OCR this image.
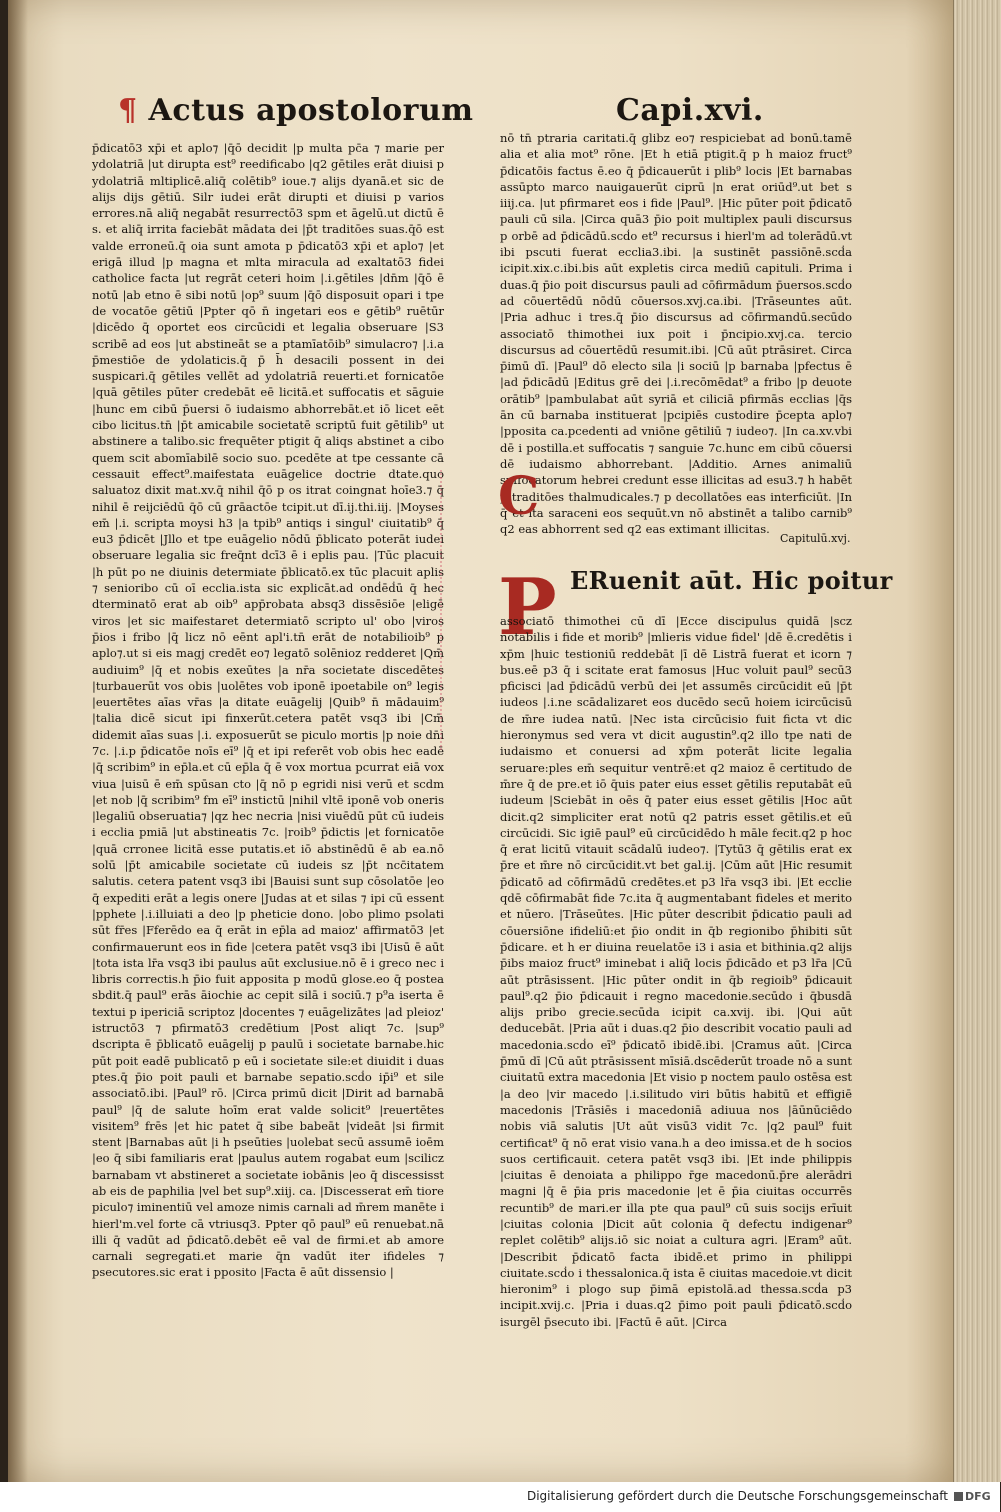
¶ Actus apostolorum	Capi.xvi.
p̄dicatō3 xp̄i et aplo⁊ |q̄ō decidit |p multa pc̄a ⁊ marie per ydolatriā |ut dirupta est⁹ reedificabo |q2 gētiles erāt diuisi p ydolatriā mltiplicē.aliq̄ colētib⁹ ioue.⁊ alijs dyanā.et sic de alijs dijs gētiū. Silr iudei erāt dirupti et diuisi p varios errores.nā aliq̄ negabāt resurrectō3 spm et āgelū.ut dictū ē s. et aliq̄ irrita faciebāt mādata dei |p̄t traditōes suas.q̄ō est valde erroneū.q̄ oia sunt amota p p̄dicatō3 xp̄i et aplo⁊ |et erigā illud |p magna et mlta miracula ad exaltatō3 fidei catholice facta |ut regrāt ceteri hoim |.i.gētiles |dn̄m |q̄ō ē notū |ab etno ē sibi notū |op⁹ suum |q̄ō disposuit opari i tpe de vocatōe gētiū |Ppter qō n̄ ingetari eos e gētib⁹ ruētūr |dicēdo q̄ oportet eos circūcidi et legalia obseruare |S3 scribē ad eos |ut abstineāt se a ptamīatōib⁹ simulacro⁊ |.i.a p̄mestiōe de ydolaticis.q̄ p̄ h̄ desacili possent in dei suspicari.q̄ gētiles vellēt ad ydolatriā reuerti.et fornicatōe |quā gētiles pūter credebāt eē licitā.et suffocatis et sāguie |hunc em cibū p̄uersi ō iudaismo abhorrebāt.et iō licet eēt cibo licitus.tn̄ |p̄t amicabile societatē scriptū fuit gētilib⁹ ut abstinere a talibo.sic frequēter ptigit q̄ aliqs abstinet a cibo quem scit abomīabilē socio suo. pcedēte at tpe cessante cā cessauit effect⁹.maifestata euāgelice doctrie dtate.quo saluatoz dixit mat.xv.q̄ nihil q̄ō p os itrat coingnat hoīe3.⁊ q̄ nihil ē reijciēdū q̄ō cū grāactōe tcipit.ut dī.ij.thi.iij. |Moyses em̄ |.i. scripta moysi h3 |a tpib⁹ antiqs i singul' ciuitatib⁹ q̄ eu3 p̄dicēt |Jllo et tpe euāgelio nōdū p̄blicato poterāt iudei obseruare legalia sic freq̄nt dcī3 ē i eplis pau. |Tūc placuit |h pūt po ne diuinis determiate p̄blicatō.ex tūc placuit aplis ⁊ senioribo cū oī ecclia.ista sic explicāt.ad onḋēḋū q̄ hec dterminatō erat ab oib⁹ app̄robata absq3 dissēsiōe |eligē viros |et sic maifestaret determiatō scripto ul' obo |viros p̄ios i fribo |q̄ licz nō eēnt apl'i.tn̄ erāt de notabilioib⁹ p aplo⁊.ut si eis magj credēt eo⁊ legatō solēnioz redderet |Qm̄ audiuim⁹ |q̄ et nobis exeūtes |a nr̄a societate discedētes |turbauerūt vos obis |uolētes vob iponē ipoetabile on⁹ legis |euertētes aīas vr̄as |a ditate euāgelij |Quib⁹ n̄ mādauim⁹ |talia dicē sicut ipi finxerūt.cetera patēt vsq3 ibi |Cm̄ didemit aīas suas |.i. exposuerūt se piculo mortis |p noie dn̄i 7c. |.i.p p̄dicatōe noīs eī⁹ |q̄ et ipi referēt vob obis hec eadē |q̄ scribim⁹ in ep̄la.et cū ep̄la q̄ ē vox mortua pcurrat eiā vox viua |uisū ē em̄ spūsan cto |q̄ nō p egridi nisi verū et scdm |et nob |q̄ scribim⁹ fm eī⁹ instictū |nihil vltē iponē vob oneris |legaliū obseruatia⁊ |qz hec necria |nisi viuēdū pūt cū iudeis i ecclia pmiā |ut abstineatis 7c. |roib⁹ p̄dictis |et fornicatōe |quā crronee licitā esse putatis.et iō abstinēdū ē ab ea.nō solū |p̄t amicabile societate cū iudeis sz |p̄t ncc̄itatem salutis. cetera patent vsq3 ibi |Bauisi sunt sup cōsolatōe |eo q̄ expediti erāt a legis onere |Judas at et silas ⁊ ipi cū essent |pphete |.i.illuiati a deo |p pheticie dono. |obo plimo psolati sūt fr̄es |Fferēdo ea q̄ erāt in ep̄la ad maioz' affirmatō3 |et confirmauerunt eos in fide |cetera patēt vsq3 ibi |Uisū ē aūt |tota ista lr̄a vsq3 ibi paulus aūt exclusiue.nō ē i greco nec i libris correctis.h p̄io fuit apposita p modū glose.eo q̄ postea sbdit.q̄ paul⁹ erās āiochie ac cepit silā i sociū.⁊ p⁹a iserta ē textui p ipericiā scriptoz |docentes ⁊ euāgelizātes |ad pleioz' istructō3 ⁊ pfirmatō3 credētium |Post aliqt 7c. |sup⁹ dscripta ē p̄blicatō euāgelij p paulū i societate barnabe.hic pūt poit eadē publicatō p eū i societate sile:et diuidit i duas ptes.q̄ p̄io poit pauli et barnabe sepatio.scḋo ip̄i⁹ et sile associatō.ibi. |Paul⁹ rō. |Circa primū dicit |Dirit ad barnabā paul⁹ |q̄ de salute hoīm erat valde solicit⁹ |reuertētes visitem⁹ frēs |et hic patet q̄ sibe babeāt |videāt |si firmit stent |Barnabas aūt |i h pseūties |uolebat secū assumē ioēm |eo q̄ sibi familiaris erat |paulus autem rogabat eum |scilicz barnabam vt abstineret a societate iobānis |eo q̄ discessisst ab eis de paphilia |vel bet sup⁹.xiij. ca. |Discesserat em̄ tiore piculo⁊ iminentiū vel amoze nimis carnali ad m̄rem manēte i hierl'm.vel forte cā vtriusq3. Ppter qō paul⁹ eū renuebat.nā illi q̄ vadūt ad p̄dicatō.debēt eē val de firmi.et ab amore carnali segregati.et marie q̄n vadūt iter ifideles ⁊ psecutores.sic erat i pposito |Facta ē aūt dissensio |
nō tn̄ ptraria caritati.q̄ glibz eo⁊ respiciebat ad bonū.tamē alia et alia mot⁹ rōne. |Et h etiā ptigit.q̄ p h maioz fruct⁹ p̄dicatōis factus ē.eo q̄ p̄dicauerūt i plib⁹ locis |Et barnabas assūpto marco nauigauerūt ciprū |n erat oriūd⁹.ut bet s iiij.ca. |ut pfirmaret eos i fide |Paul⁹. |Hic pūter poit p̄dicatō pauli cū sila. |Circa quā3 p̄io poit multiplex pauli discursus p orbē ad p̄dicādū.scḋo et⁹ recursus i hierl'm ad tolerādū.vt ibi pscuti fuerat ecclia3.ibi. |a sustinēt passiōnē.scḋa icipit.xix.c.ibi.bis aūt expletis circa mediū capituli. Prima i duas.q̄ p̄io poit discursus pauli ad cōfirmādum p̄uersos.scḋo ad cōuertēdū nōdū cōuersos.xvj.ca.ibi. |Trāseuntes aūt. |Pria adhuc i tres.q̄ p̄io discursus ad cōfirmandū.secūdo associatō thimothei iux poit i p̄ncipio.xvj.ca. tercio discursus ad cōuertēdū resumit.ibi. |Cū aūt ptrāsiret. Circa p̄imū dī. |Paul⁹ dō electo sila |i sociū |p barnaba |pfectus ē |ad p̄dicādū |Editus grē dei |.i.recōmēdat⁹ a fribo |p deuote orātib⁹ |pambulabat aūt syriā et ciliciā pfirmās ecclias |q̄s ān cū barnaba instituerat |pcipiēs custodire p̄cepta aplo⁊ |pposita ca.pcedenti ad vniōne gētiliū ⁊ iudeo⁊. |In ca.xv.vbi dē i postilla.et suffocatis ⁊ sanguie 7c.hunc em cibū cōuersi dē iudaismo abhorrebant. |Additio. Arnes animaliū suffocatorum hebrei credunt esse illicitas ad esu3.⁊ h habēt p traditōes thalmudicales.⁊ p decollatōes eas interficiūt. |In q̄ et ita saraceni eos sequūt.vn nō abstinēt a talibo carnib⁹ q2 eas abhorrent sed q2 eas extimant illicitas.
C
Capitulū.xvj.
P ERuenit aūt. Hic poitur
associatō thimothei cū dī |Ecce discipulus quidā |scz notabilis i fide et morib⁹ |mlieris vidue fidel' |dē ē.credētis i xp̄m |huic testioniū reddebāt |ī dē Listrā fuerat et icorn ⁊ bus.eē p3 q̄ i scitate erat famosus |Huc voluit paul⁹ secū3 pficisci |ad p̄dicādū verbū dei |et assumēs circūcidit eū |p̄t iudeos |.i.ne scādalizaret eos ducēdo secū hoiem icircūcisū de m̄re iudea natū. |Nec ista circūcisio fuit ficta vt dic hieronymus sed vera vt dicit augustin⁹.q2 illo tpe nati de iudaismo et conuersi ad xp̄m poterāt licite legalia seruare:ples em̄ sequitur ventrē:et q2 maioz ē certitudo de m̄re q̄ de pre.et iō q̄uis pater eius esset gētilis reputabāt eū iudeum |Sciebāt in oēs q̄ pater eius esset gētilis |Hoc aūt dicit.q2 simpliciter erat notū q2 patris esset gētilis.et eū circūcidi. Sic igiē paul⁹ eū circūcidēdo h māle fecit.q2 p hoc q̄ erat licitū vitauit scādalū iudeo⁊. |Tytū3 q̄ gētilis erat ex p̄re et m̄re nō circūcidit.vt bet gal.ij. |Cūm aūt |Hic resumit p̄dicatō ad cōfirmādū credētes.et p3 lr̄a vsq3 ibi. |Et ecclie qdē cōfirmabāt fide 7c.ita q̄ augmentabant fideles et merito et nūero. |Trāseūtes. |Hic pūter describit p̄dicatio pauli ad cōuersiōne ifideliū:et p̄io ondit in q̄b regionibo p̄hibiti sūt p̄dicare. et h er diuina reuelatōe i3 i asia et bithinia.q2 alijs p̄ibs maioz fruct⁹ iminebat i aliq̄ locis p̄dicādo et p3 lr̄a |Cū aūt ptrāsissent. |Hic pūter ondit in q̄b regioib⁹ p̄dicauit paul⁹.q2 p̄io p̄dicauit i regno macedonie.secūdo i q̄busdā alijs pribo grecie.secūda icipit ca.xvij. ibi. |Qui aūt deducebāt. |Pria aūt i duas.q2 p̄io describit vocatio pauli ad macedonia.scḋo eī⁹ p̄dicatō ibidē.ibi. |Cramus aūt. |Circa p̄mū dī |Cū aūt ptrāsissent mīsiā.dscēderūt troade nō a sunt ciuitatū extra macedonia |Et visio p noctem paulo ostēsa est |a deo |vir macedo |.i.silitudo viri būtis habitū et effigiē macedonis |Trāsiēs i macedoniā adiuua nos |āūnūciēdo nobis viā salutis |Ut aūt visū3 vidit 7c. |q2 paul⁹ fuit certificat⁹ q̄ nō erat visio vana.h a deo imissa.et de h socios suos certificauit. cetera patēt vsq3 ibi. |Et inde philippis |ciuitas ē denoiata a philippo r̄ge macedonū.p̄re alerādri magni |q̄ ē p̄ia pris macedonie |et ē p̄ia ciuitas occurrēs recuntib⁹ de mari.er illa pte qua paul⁹ cū suis socijs erīuit |ciuitas colonia |Dicit aūt colonia q̄ defectu indigenar⁹ replet colētib⁹ alijs.iō sic noiat a cultura agri. |Eram⁹ aūt. |Describit p̄dicatō facta ibidē.et primo in philippi ciuitate.scḋo i thessalonica.q̄ ista ē ciuitas macedoie.vt dicit hieronim⁹ i plogo sup p̄imā epistolā.ad thessa.scḋa p3 incipit.xvij.c. |Pria i duas.q2 p̄imo poit pauli p̄dicatō.scḋo isurgēl p̄secuto ibi. |Factū ē aūt. |Circa
Digitalisierung gefördert durch die Deutsche Forschungsgemeinschaft DFG
